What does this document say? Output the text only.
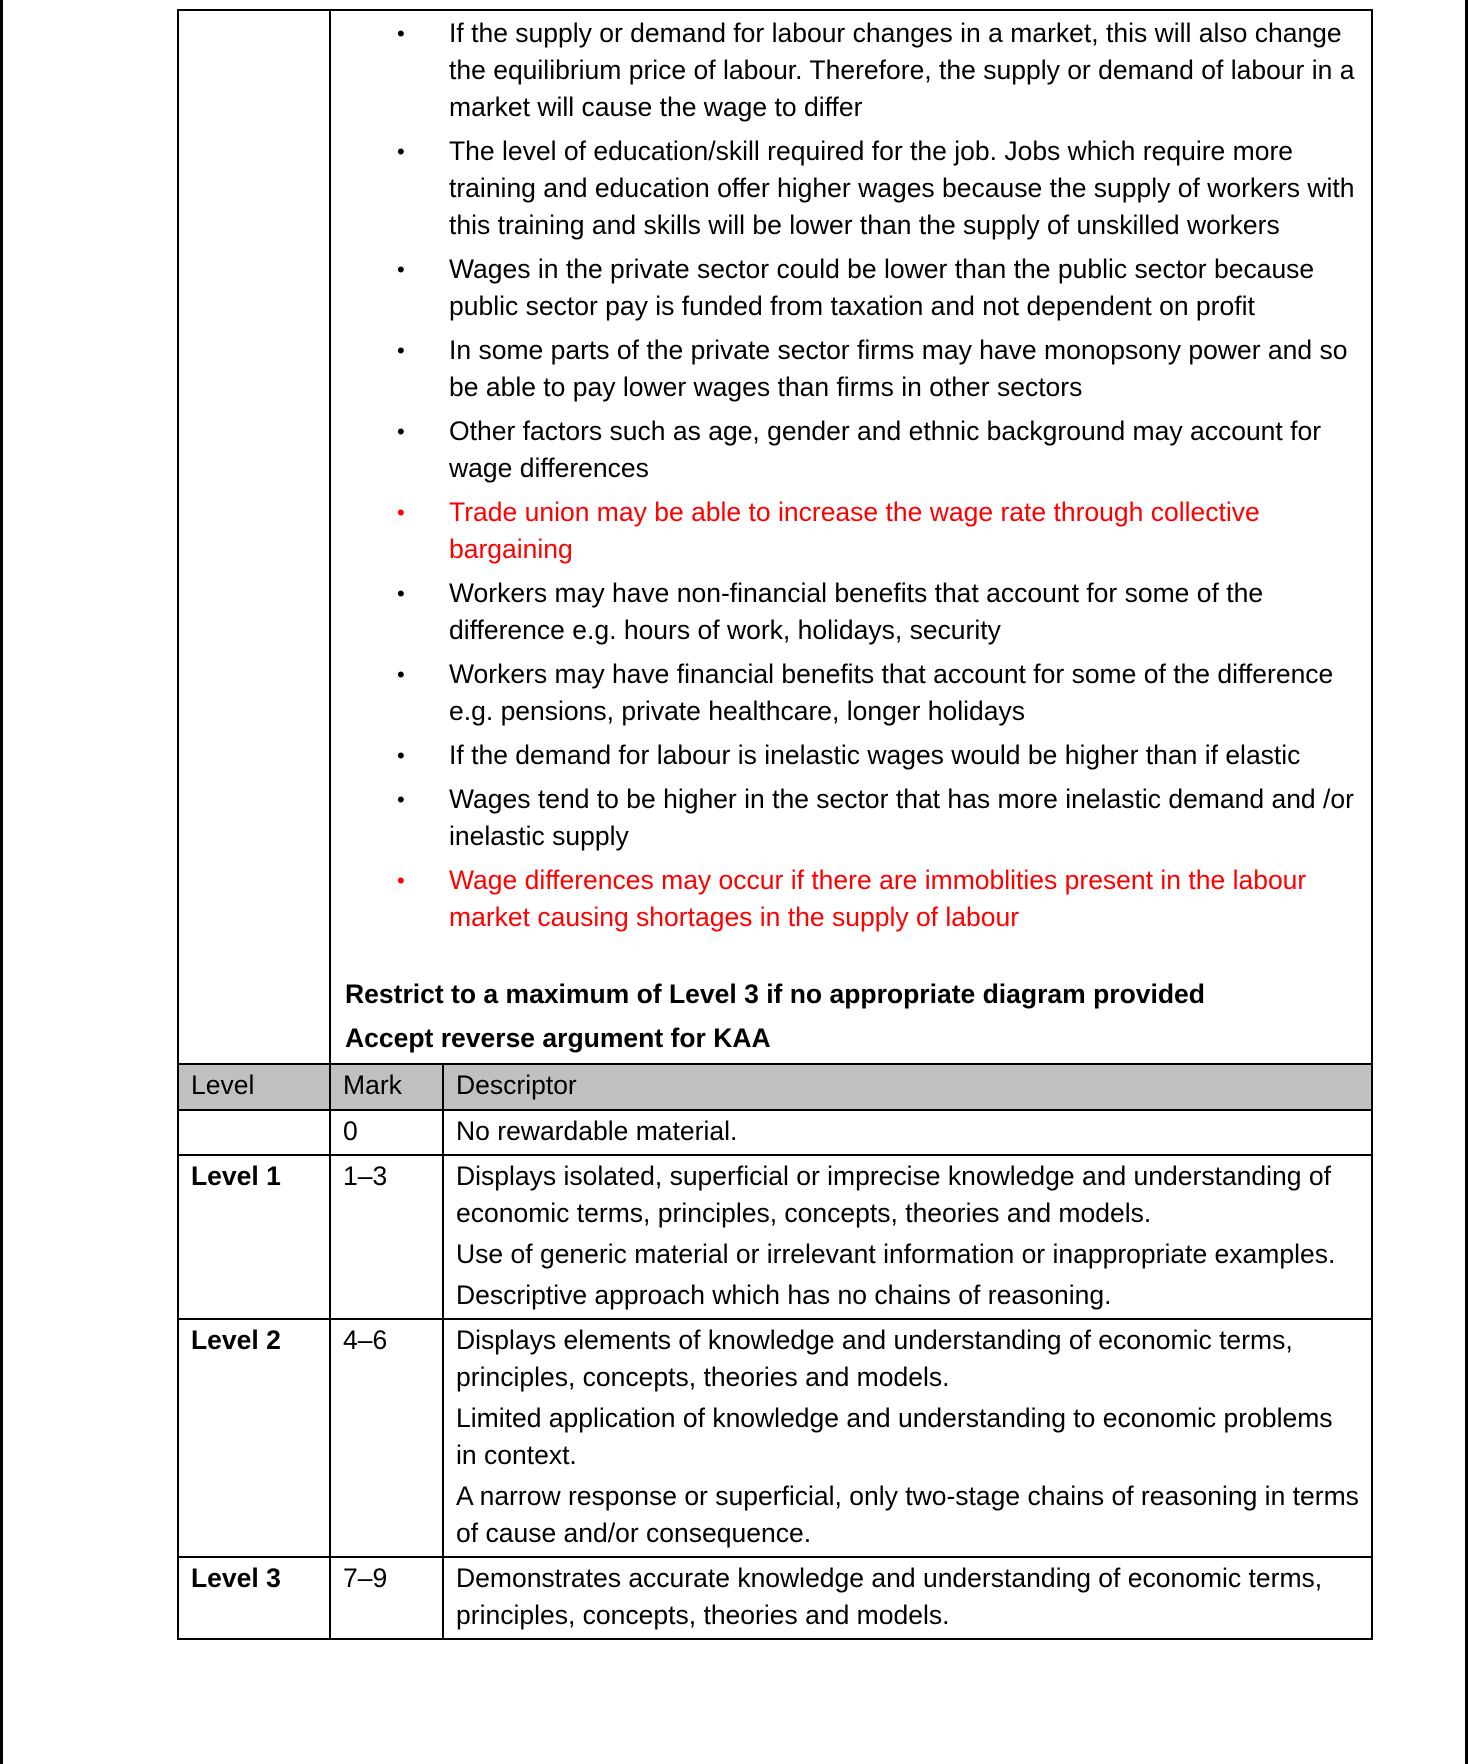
• If the supply or demand for labour changes in a market, this will also change the equilibrium price of labour. Therefore, the supply or demand of labour in a market will cause the wage to differ
• The level of education/skill required for the job. Jobs which require more training and education offer higher wages because the supply of workers with this training and skills will be lower than the supply of unskilled workers
• Wages in the private sector could be lower than the public sector because public sector pay is funded from taxation and not dependent on profit
• In some parts of the private sector firms may have monopsony power and so be able to pay lower wages than firms in other sectors
• Other factors such as age, gender and ethnic background may account for wage differences
• Trade union may be able to increase the wage rate through collective bargaining
• Workers may have non-financial benefits that account for some of the difference e.g. hours of work, holidays, security
• Workers may have financial benefits that account for some of the difference e.g. pensions, private healthcare, longer holidays
• If the demand for labour is inelastic wages would be higher than if elastic
• Wages tend to be higher in the sector that has more inelastic demand and /or inelastic supply
• Wage differences may occur if there are immoblities present in the labour market causing shortages in the supply of labour
Restrict to a maximum of Level 3 if no appropriate diagram provided
Accept reverse argument for KAA

Level	Mark	Descriptor
	0	No rewardable material.

Level 1	1–3	Displays isolated, superficial or imprecise knowledge and understanding of economic terms, principles, concepts, theories and models.

Use of generic material or irrelevant information or inappropriate examples.

Descriptive approach which has no chains of reasoning.

Level 2	4–6	Displays elements of knowledge and understanding of economic terms, principles, concepts, theories and models.

Limited application of knowledge and understanding to economic problems in context.

A narrow response or superficial, only two-stage chains of reasoning in terms of cause and/or consequence.

Level 3	7–9	Demonstrates accurate knowledge and understanding of economic terms, principles, concepts, theories and models.
